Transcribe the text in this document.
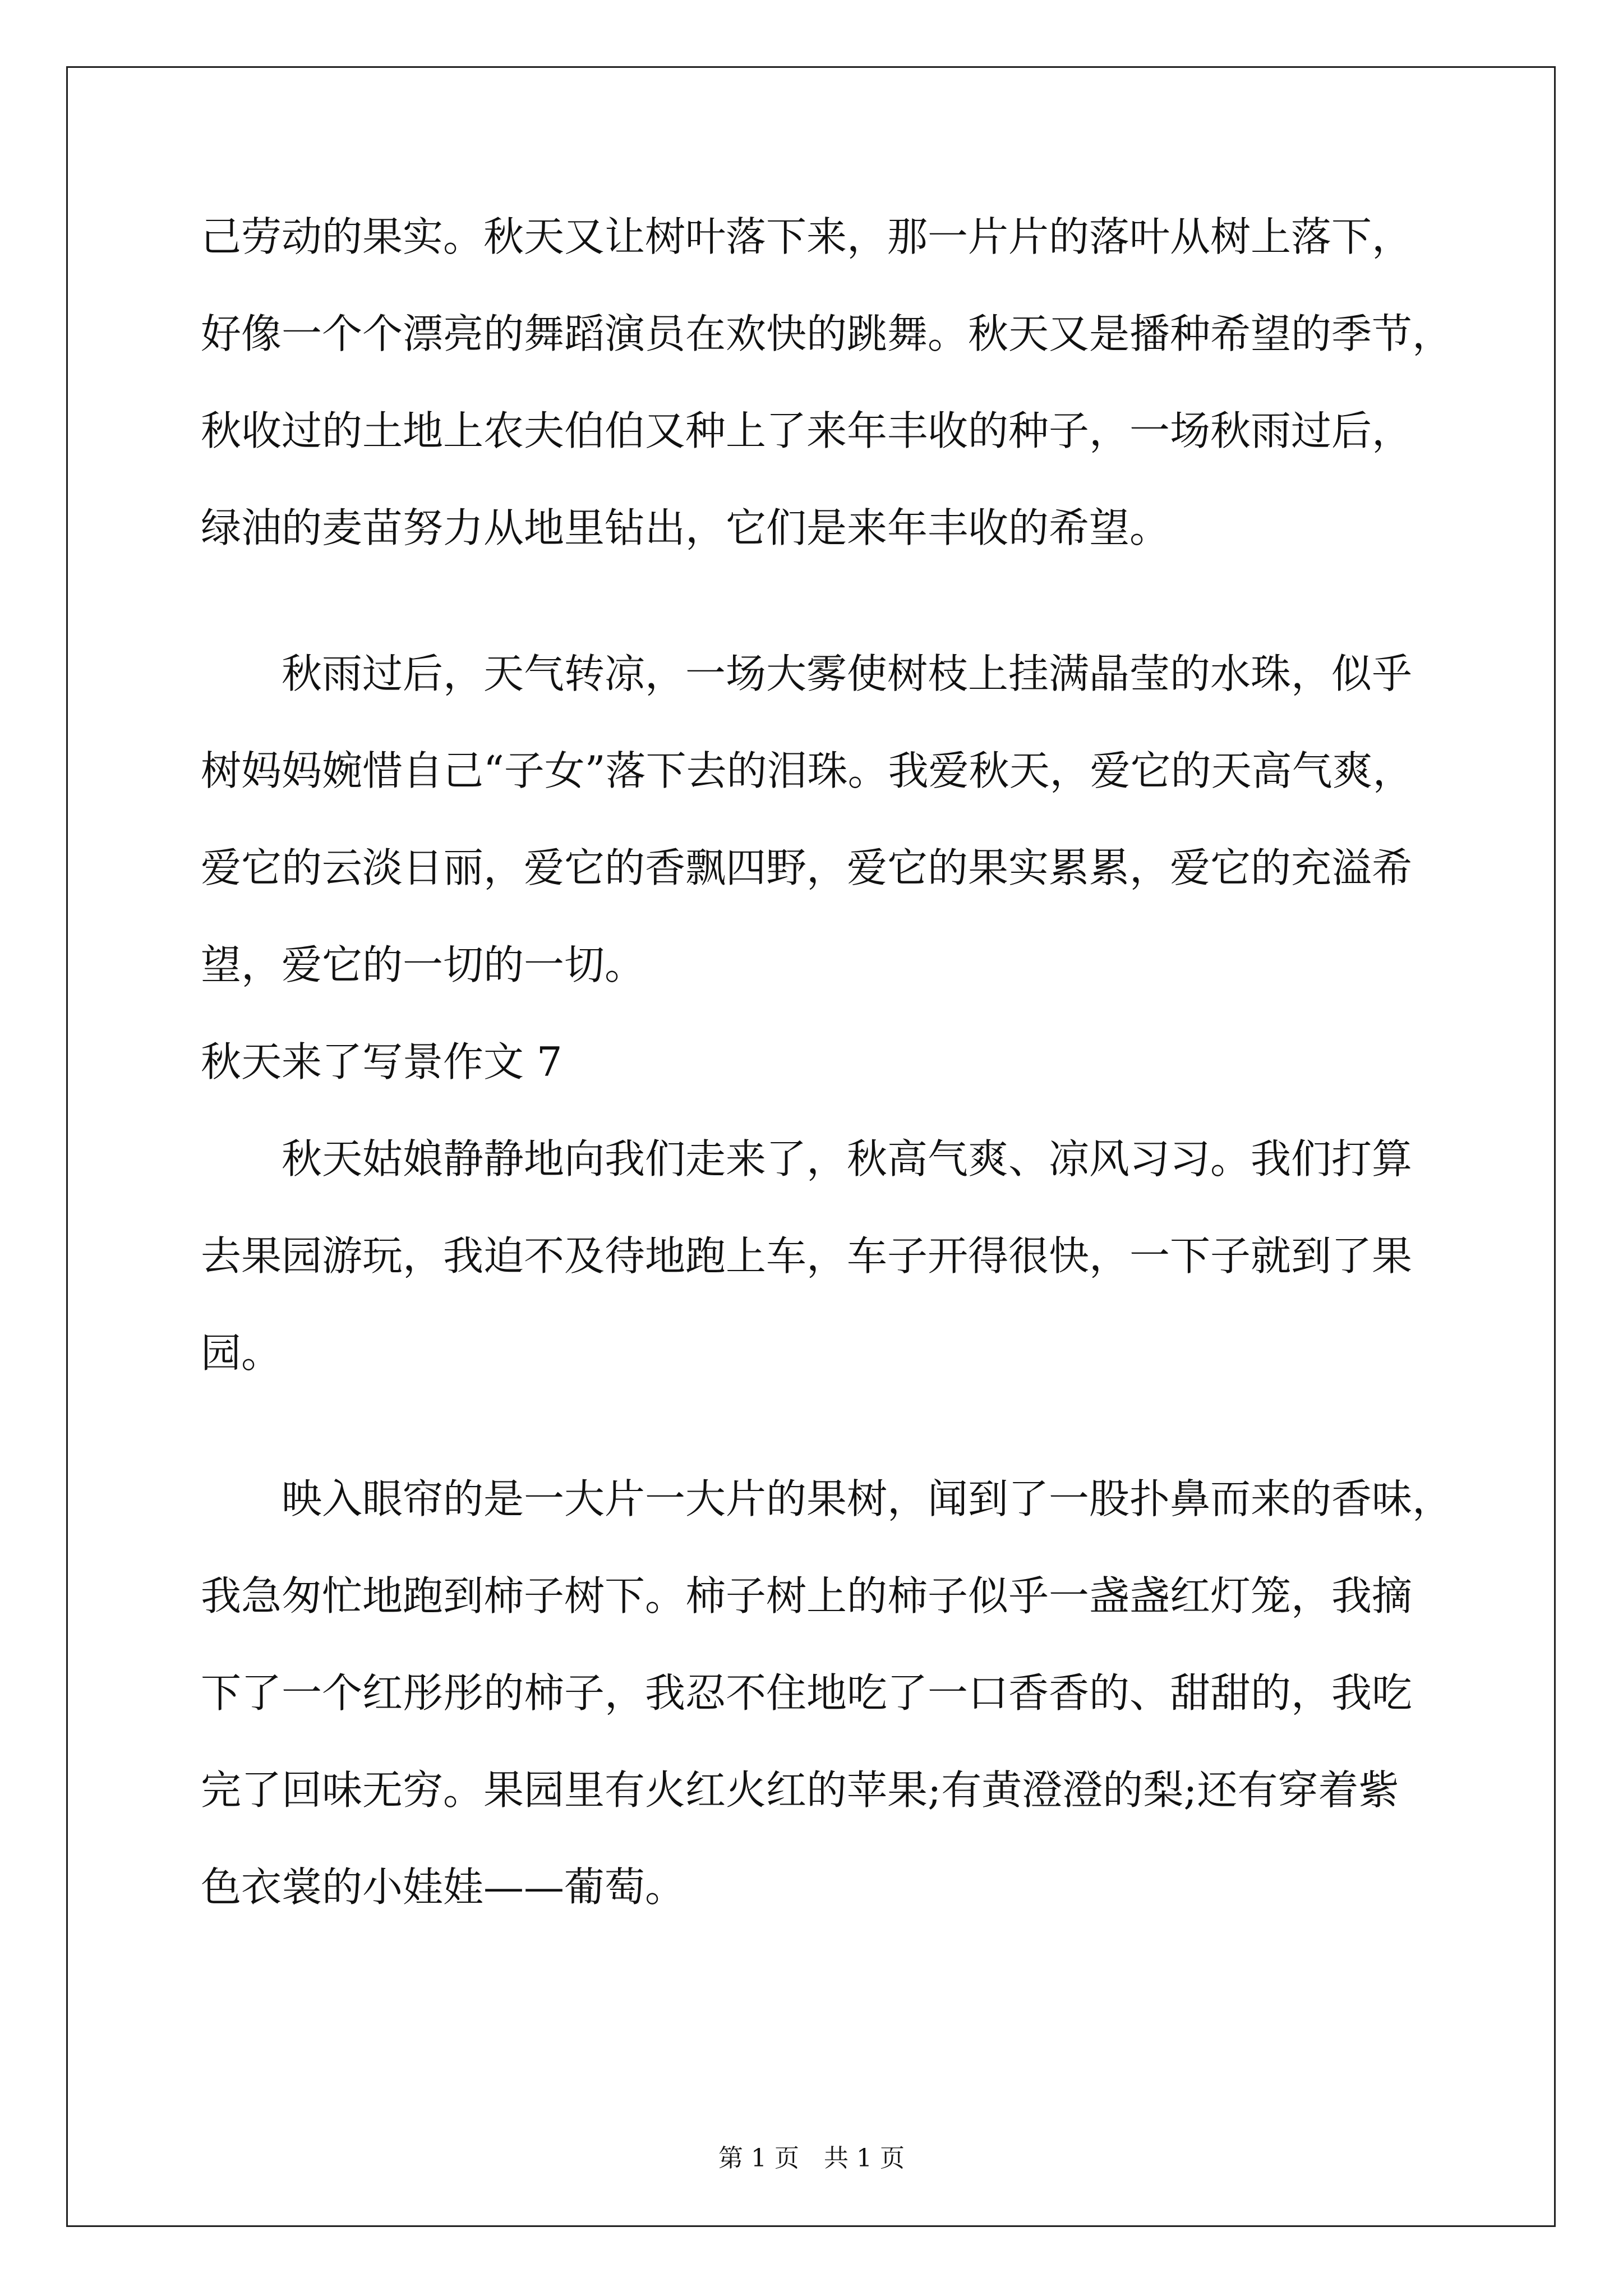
己劳动的果实。秋天又让树叶落下来，那一片片的落叶从树上落下，
好像一个个漂亮的舞蹈演员在欢快的跳舞。秋天又是播种希望的季节，
秋收过的土地上农夫伯伯又种上了来年丰收的种子，一场秋雨过后，
绿油的麦苗努力从地里钻出，它们是来年丰收的希望。
　　秋雨过后，天气转凉，一场大雾使树枝上挂满晶莹的水珠，似乎
树妈妈婉惜自己“子女”落下去的泪珠。我爱秋天，爱它的天高气爽，
爱它的云淡日丽，爱它的香飘四野，爱它的果实累累，爱它的充溢希
望，爱它的一切的一切。
秋天来了写景作文 7
　　秋天姑娘静静地向我们走来了，秋高气爽、凉风习习。我们打算
去果园游玩，我迫不及待地跑上车，车子开得很快，一下子就到了果
园。
　　映入眼帘的是一大片一大片的果树，闻到了一股扑鼻而来的香味，
我急匆忙地跑到柿子树下。柿子树上的柿子似乎一盏盏红灯笼，我摘
下了一个红彤彤的柿子，我忍不住地吃了一口香香的、甜甜的，我吃
完了回味无穷。果园里有火红火红的苹果;有黄澄澄的梨;还有穿着紫
色衣裳的小娃娃——葡萄。
第 1 页　共 1 页
